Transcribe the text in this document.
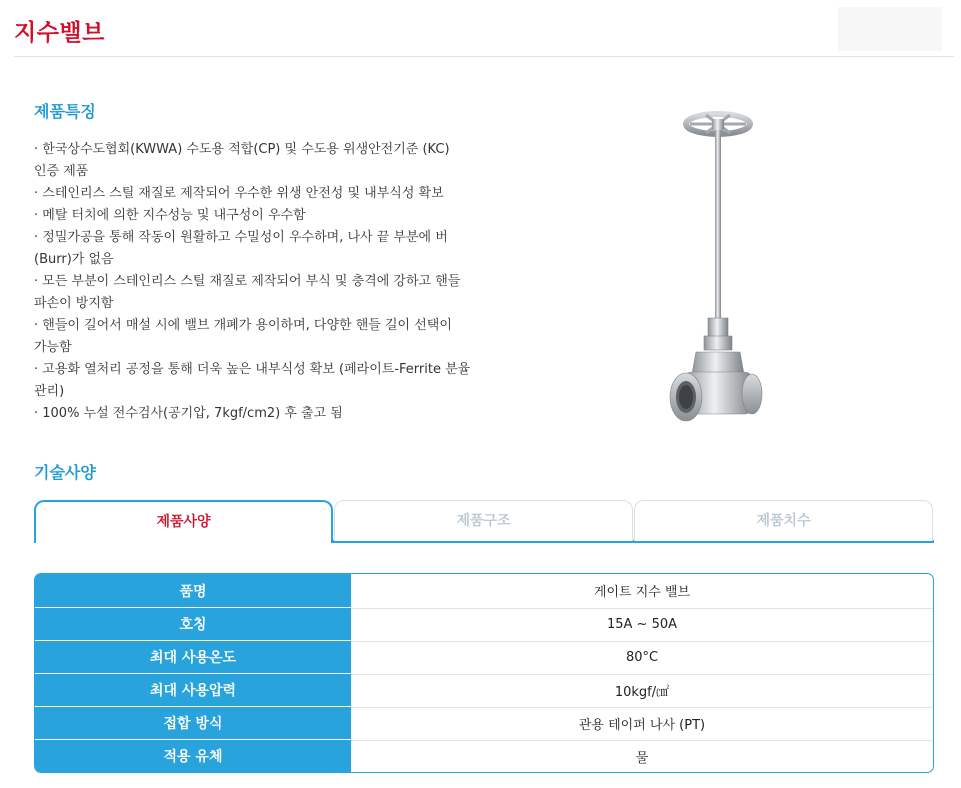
지수밸브
제품특징
· 한국상수도협회(KWWA) 수도용 적합(CP) 및 수도용 위생안전기준 (KC)
인증 제품
· 스테인리스 스틸 재질로 제작되어 우수한 위생 안전성 및 내부식성 확보
· 메탈 터치에 의한 지수성능 및 내구성이 우수함
· 정밀가공을 통해 작동이 원활하고 수밀성이 우수하며, 나사 끝 부분에 버
(Burr)가 없음
· 모든 부분이 스테인리스 스틸 재질로 제작되어 부식 및 충격에 강하고 핸들
파손이 방지함
· 핸들이 길어서 매설 시에 밸브 개폐가 용이하며, 다양한 핸들 길이 선택이
가능함
· 고용화 열처리 공정을 통해 더욱 높은 내부식성 확보 (페라이트-Ferrite 분율
관리)
· 100% 누설 전수검사(공기압, 7kgf/cm2) 후 출고 됨
기술사양
제품사양	제품구조	제품치수
품명	게이트 지수 밸브
호칭	15A ~ 50A
최대 사용온도	80°C
최대 사용압력	10kgf/㎠
접합 방식	관용 테이퍼 나사 (PT)
적용 유체	물
